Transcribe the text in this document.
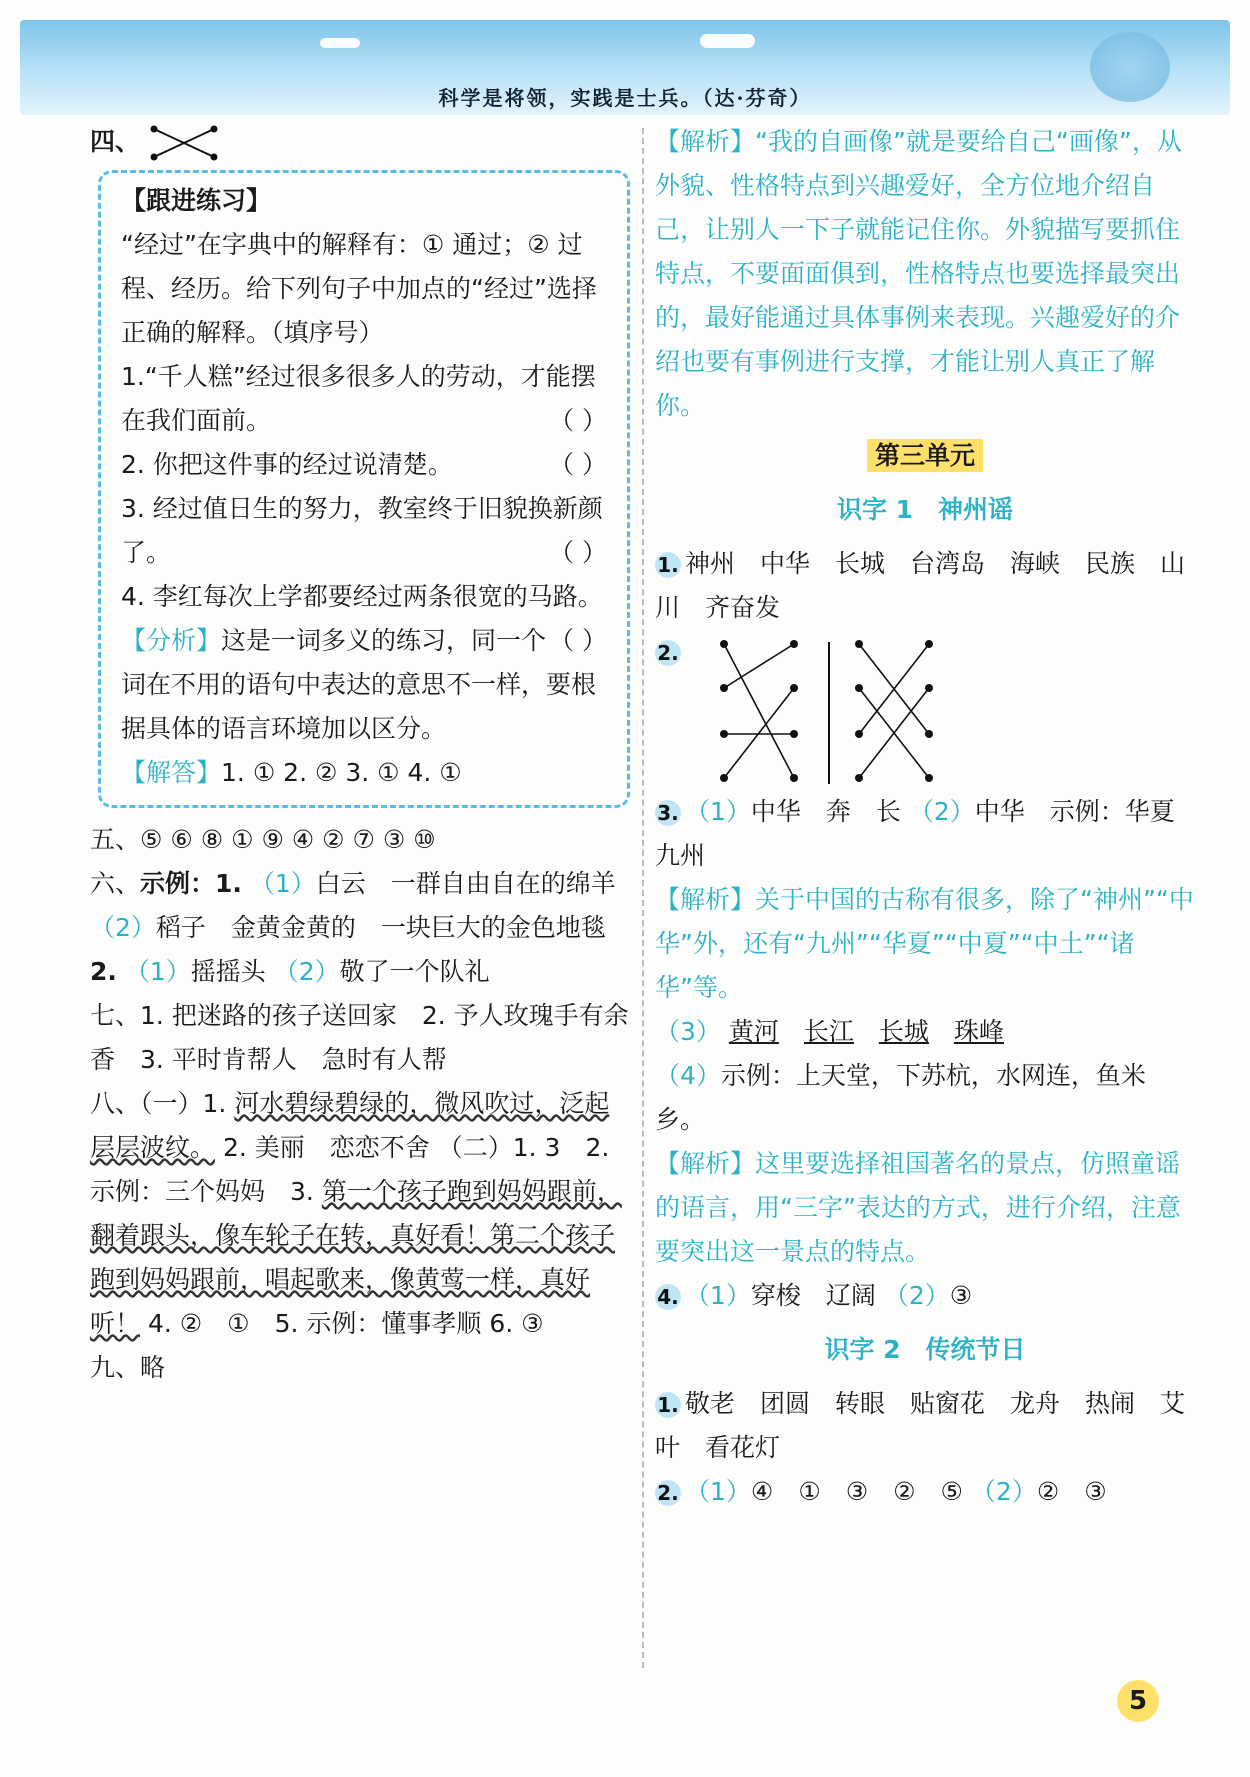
科学是将领，实践是士兵。（达·芬奇）
四、
【跟进练习】
“经过”在字典中的解释有：① 通过；② 过程、经历。给下列句子中加点的“经过”选择正确的解释。（填序号）
1.“千人糕”经过很多很多人的劳动，才能摆在我们面前。	（ ）
2. 你把这件事的经过说清楚。	（ ）
3. 经过值日生的努力，教室终于旧貌换新颜了。	（ ）
4. 李红每次上学都要经过两条很宽的马路。
（ ）
【分析】这是一词多义的练习，同一个词在不用的语句中表达的意思不一样，要根据具体的语言环境加以区分。
【解答】1. ① 2. ② 3. ① 4. ①
五、⑤ ⑥ ⑧ ① ⑨ ④ ② ⑦ ③ ⑩
六、示例：1. （1）白云　一群自由自在的绵羊 （2）稻子　金黄金黄的　一块巨大的金色地毯 2. （1）摇摇头 （2）敬了一个队礼
七、1. 把迷路的孩子送回家　2. 予人玫瑰手有余香　3. 平时肯帮人　急时有人帮
八、（一）1. 河水碧绿碧绿的，微风吹过，泛起层层波纹。 2. 美丽　恋恋不舍 （二）1. 3　2. 示例：三个妈妈　3. 第一个孩子跑到妈妈跟前，翻着跟头，像车轮子在转，真好看！第二个孩子跑到妈妈跟前，唱起歌来，像黄莺一样，真好听！ 4. ②　①　5. 示例：懂事孝顺 6. ③
九、略
【解析】“我的自画像”就是要给自己“画像”，从外貌、性格特点到兴趣爱好，全方位地介绍自己，让别人一下子就能记住你。外貌描写要抓住特点，不要面面俱到，性格特点也要选择最突出的，最好能通过具体事例来表现。兴趣爱好的介绍也要有事例进行支撑，才能让别人真正了解你。
第三单元
识字 1　神州谣
1. 神州　中华　长城　台湾岛　海峡　民族　山川　齐奋发
2.
3. （1）中华　奔　长 （2）中华　示例：华夏　九州
【解析】关于中国的古称有很多，除了“神州”“中华”外，还有“九州”“华夏”“中夏”“中土”“诸华”等。
（3） 黄河　 长江　 长城　 珠峰
（4）示例：上天堂，下苏杭，水网连，鱼米乡。
【解析】这里要选择祖国著名的景点，仿照童谣的语言，用“三字”表达的方式，进行介绍，注意要突出这一景点的特点。
4. （1）穿梭　辽阔 （2）③
识字 2　传统节日
1. 敬老　团圆　转眼　贴窗花　龙舟　热闹　艾叶　看花灯
2. （1）④　①　③　②　⑤ （2）②　③
5
